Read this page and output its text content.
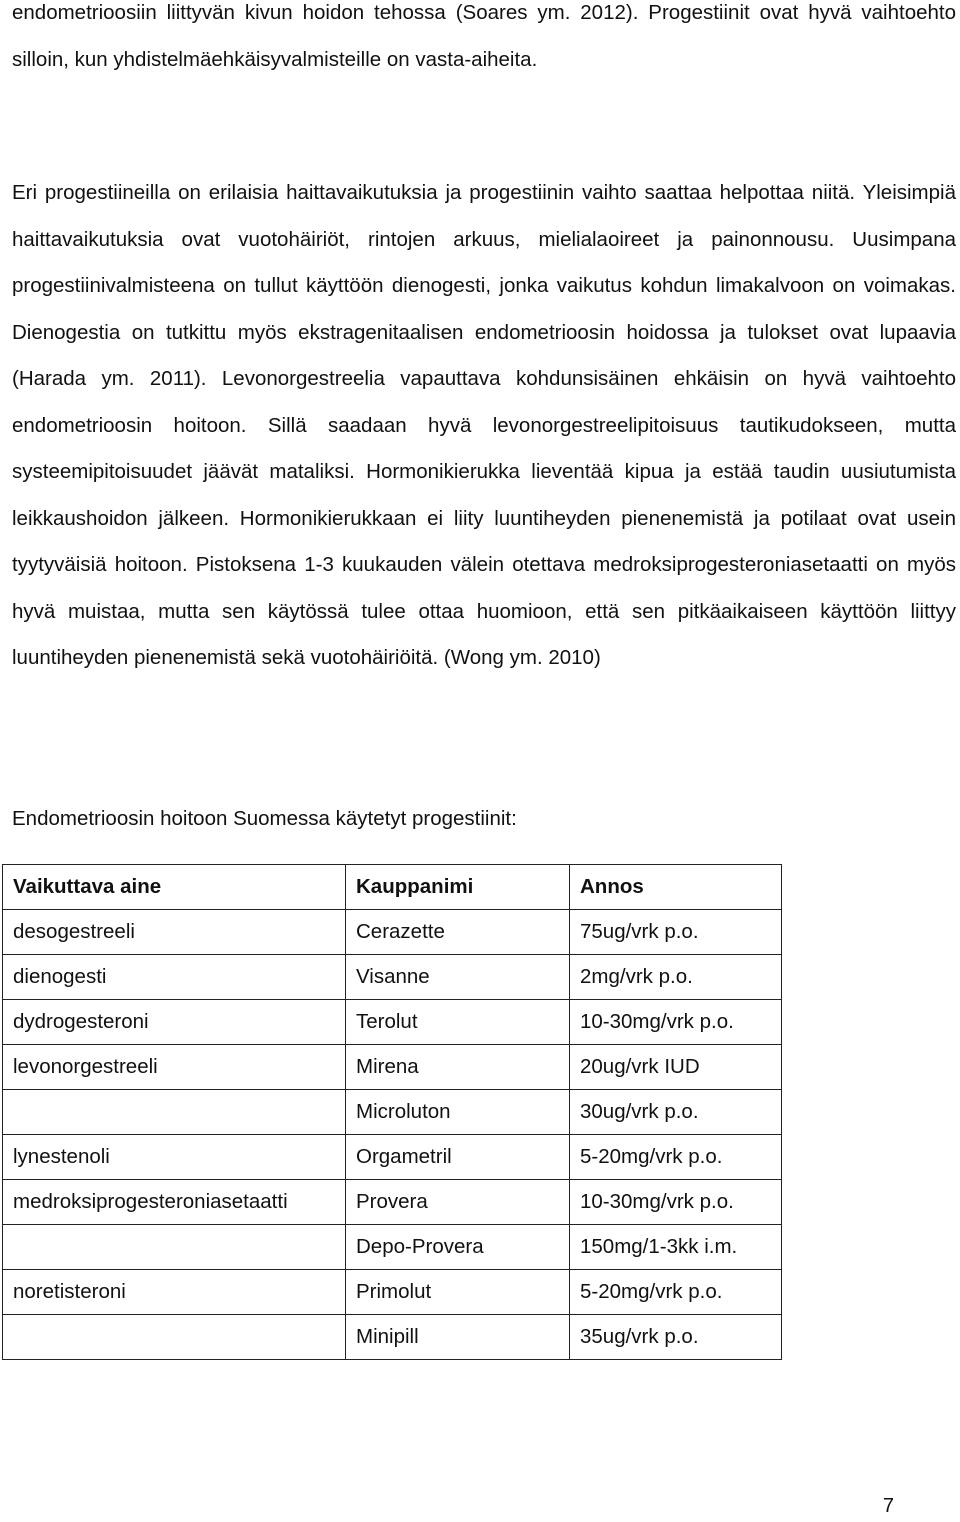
endometrioosiin liittyvän kivun hoidon tehossa (Soares ym. 2012). Progestiinit ovat hyvä vaihtoehto silloin, kun yhdistelmäehkäisyvalmisteille on vasta-aiheita.

Eri progestiineilla on erilaisia haittavaikutuksia ja progestiinin vaihto saattaa helpottaa niitä. Yleisimpiä haittavaikutuksia ovat vuotohäiriöt, rintojen arkuus, mielialaoireet ja painonnousu. Uusimpana progestiinivalmisteena on tullut käyttöön dienogesti, jonka vaikutus kohdun limakalvoon on voimakas. Dienogestia on tutkittu myös ekstragenitaalisen endometrioosin hoidossa ja tulokset ovat lupaavia (Harada ym. 2011). Levonorgestreelia vapauttava kohdunsisäinen ehkäisin on hyvä vaihtoehto endometrioosin hoitoon. Sillä saadaan hyvä levonorgestreelipitoisuus tautikudokseen, mutta systeemipitoisuudet jäävät mataliksi. Hormonikierukka lieventää kipua ja estää taudin uusiutumista leikkaushoidon jälkeen. Hormonikierukkaan ei liity luuntiheyden pienenemistä ja potilaat ovat usein tyytyväisiä hoitoon. Pistoksena 1-3 kuukauden välein otettava medroksiprogesteroniasetaatti on myös hyvä muistaa, mutta sen käytössä tulee ottaa huomioon, että sen pitkäaikaiseen käyttöön liittyy luuntiheyden pienenemistä sekä vuotohäiriöitä. (Wong ym. 2010)

Endometrioosin hoitoon Suomessa käytetyt progestiinit:

Vaikuttava aine	Kauppanimi	Annos
desogestreeli	Cerazette	75ug/vrk p.o.
dienogesti	Visanne	2mg/vrk p.o.
dydrogesteroni	Terolut	10-30mg/vrk p.o.
levonorgestreeli	Mirena	20ug/vrk IUD
	Microluton	30ug/vrk p.o.
lynestenoli	Orgametril	5-20mg/vrk p.o.
medroksiprogesteroniasetaatti	Provera	10-30mg/vrk p.o.
	Depo-Provera	150mg/1-3kk i.m.
noretisteroni	Primolut	5-20mg/vrk p.o.
	Minipill	35ug/vrk p.o.
7
